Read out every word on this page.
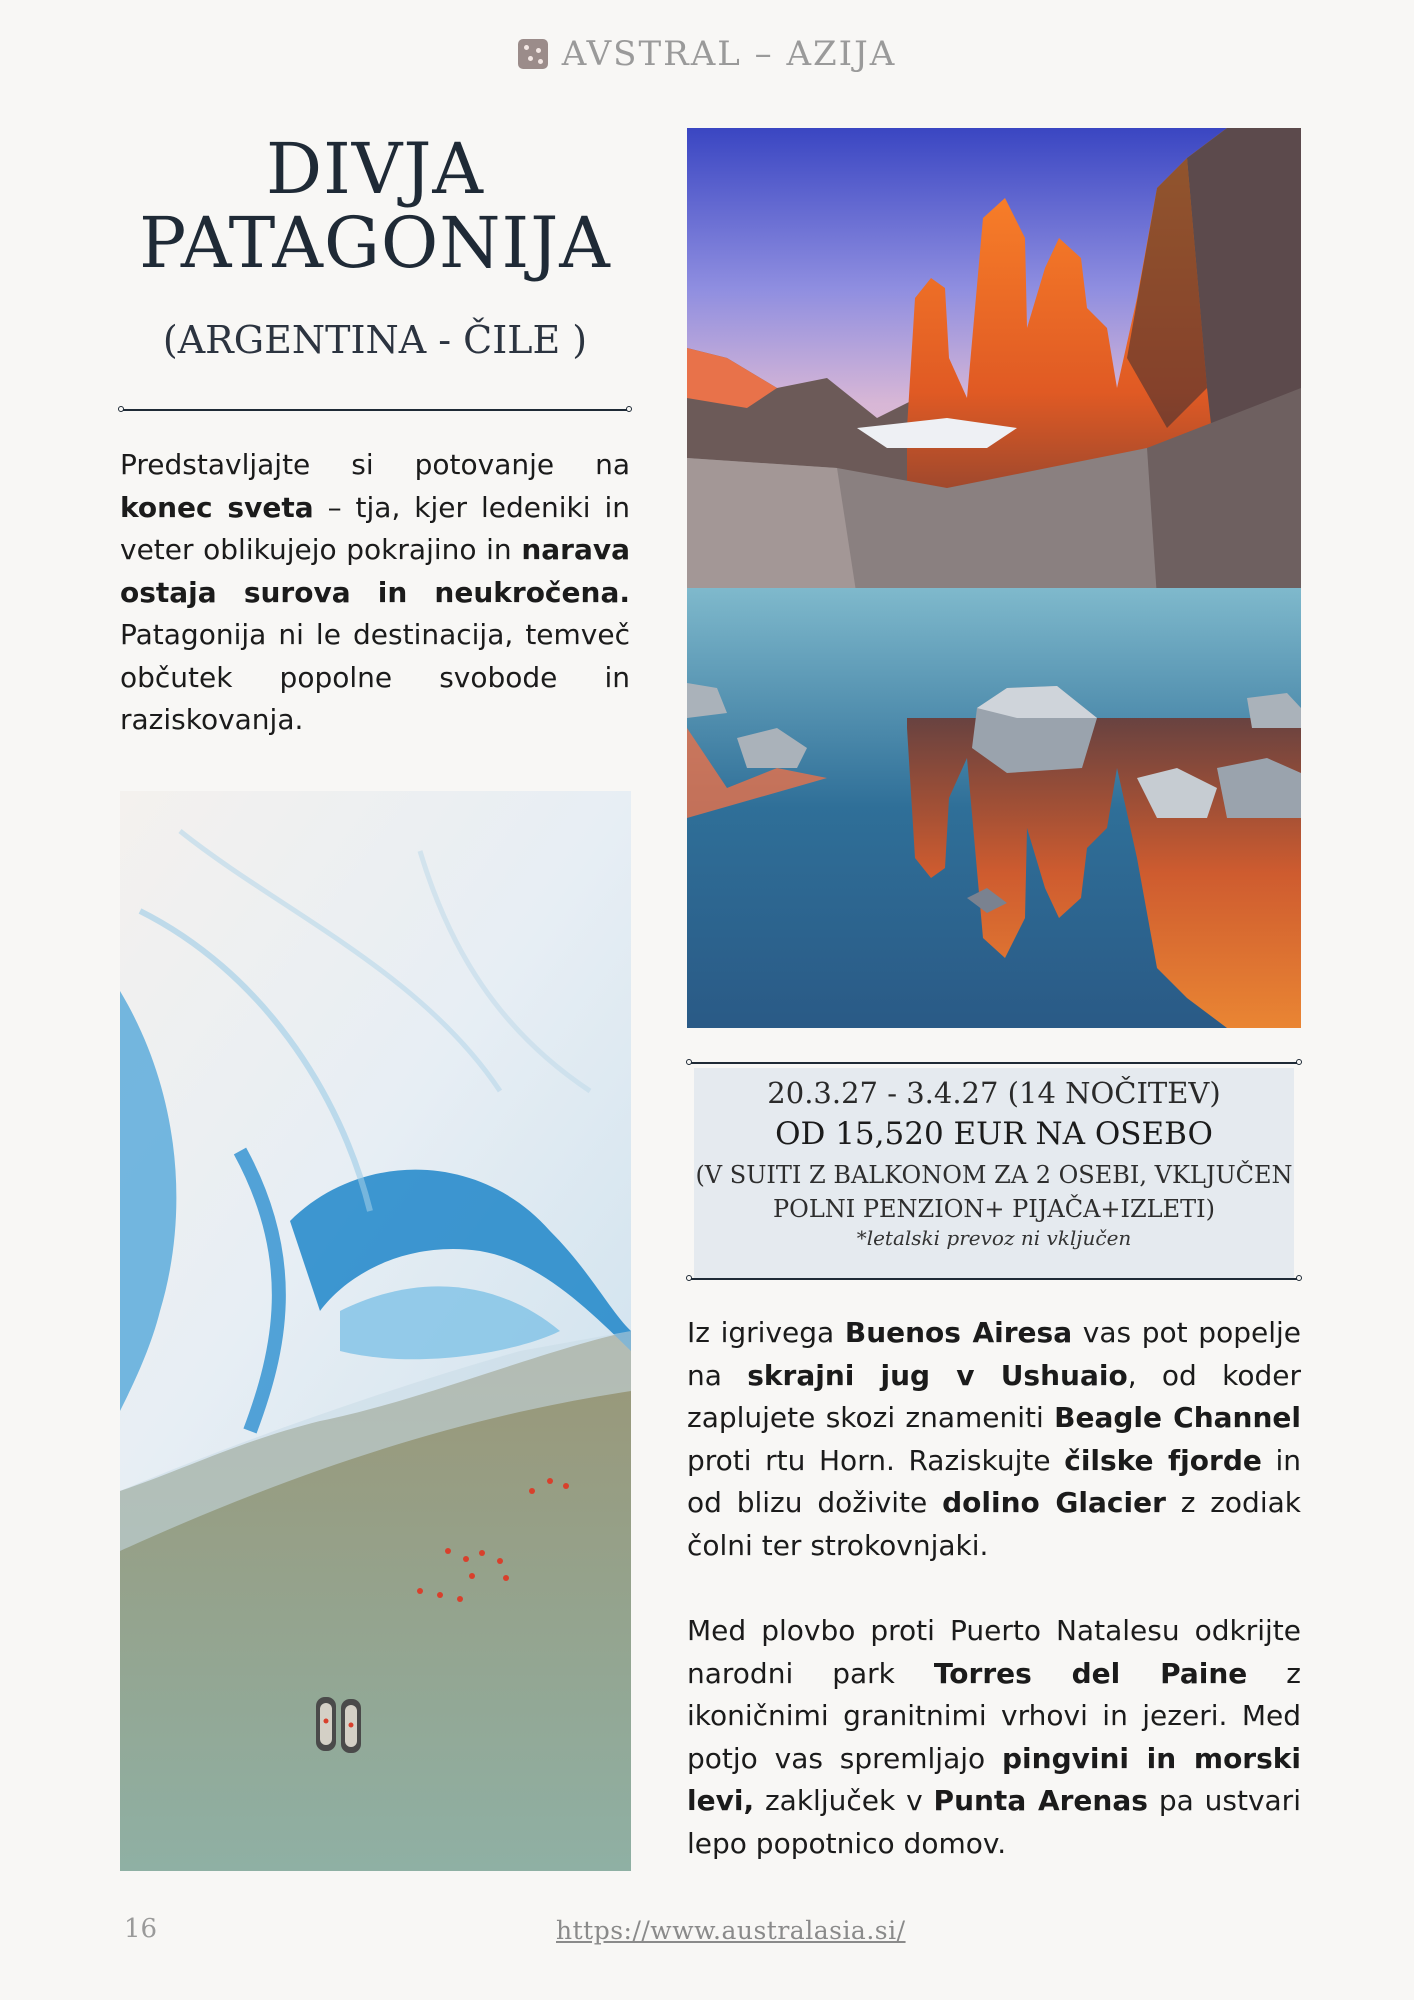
AVSTRAL – AZIJA
DIVJA
PATAGONIJA
(ARGENTINA - ČILE )

Predstavljajte si potovanje na konec sveta – tja, kjer ledeniki in veter oblikujejo pokrajino in narava ostaja surova in neukročena. Patagonija ni le destinacija, temveč občutek popolne svobode in raziskovanja.

20.3.27 - 3.4.27 (14 NOČITEV)
OD 15,520 EUR NA OSEBO
(V SUITI Z BALKONOM ZA 2 OSEBI, VKLJUČEN
POLNI PENZION+ PIJAČA+IZLETI)
*letalski prevoz ni vključen

Iz igrivega Buenos Airesa vas pot popelje na skrajni jug v Ushuaio, od koder zaplujete skozi znameniti Beagle Channel proti rtu Horn. Raziskujte čilske fjorde in od blizu doživite dolino Glacier z zodiak čolni ter strokovnjaki.

Med plovbo proti Puerto Natalesu odkrijte narodni park Torres del Paine z ikoničnimi granitnimi vrhovi in jezeri. Med potjo vas spremljajo pingvini in morski levi, zaključek v Punta Arenas pa ustvari lepo popotnico domov.

16	https://www.australasia.si/
